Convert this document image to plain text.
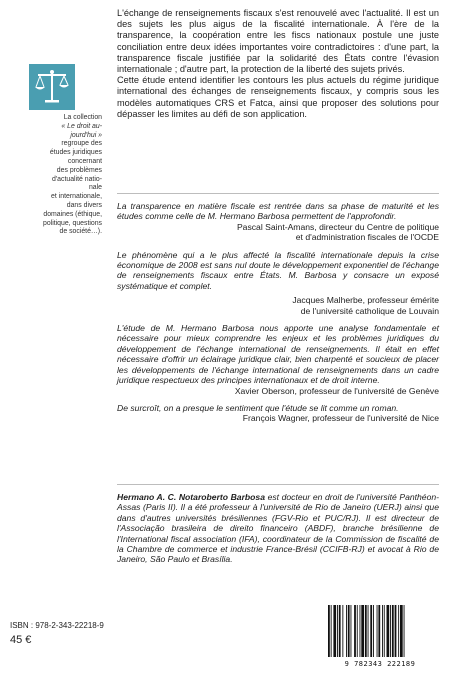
La collection
« Le droit au-
jourd'hui »
regroupe des
études juridiques
concernant
des problèmes
d'actualité natio-
nale
et internationale,
dans divers
domaines (éthique,
politique, questions
de société…).
ISBN : 978-2-343-22218-9
45 €

L'échange de renseignements fiscaux s'est renouvelé avec l'actualité. Il est un des sujets les plus aigus de la fiscalité internationale. À l'ère de la transparence, la coopération entre les fiscs nationaux postule une juste conciliation entre deux idées importantes voire contradictoires : d'une part, la transparence fiscale justifiée par la solidarité des États contre l'évasion internationale ; d'autre part, la protection de la liberté des sujets privés.

Cette étude entend identifier les contours les plus actuels du régime juridique international des échanges de renseignements fiscaux, y compris sous les modèles automatiques CRS et Fatca, ainsi que proposer des solutions pour dépasser les limites au défi de son application.

La transparence en matière fiscale est rentrée dans sa phase de maturité et les études comme celle de M. Hermano Barbosa permettent de l'approfondir.

Pascal Saint-Amans, directeur du Centre de politique

et d'administration fiscales de l'OCDE

Le phénomène qui a le plus affecté la fiscalité internationale depuis la crise économique de 2008 est sans nul doute le développement exponentiel de l'échange de renseignements fiscaux entre États. M. Barbosa y consacre un exposé systématique et complet.

Jacques Malherbe, professeur émérite

de l'université catholique de Louvain

L'étude de M. Hermano Barbosa nous apporte une analyse fondamentale et nécessaire pour mieux comprendre les enjeux et les problèmes juridiques du développement de l'échange international de renseignements. Il était en effet nécessaire d'offrir un éclairage juridique clair, bien charpenté et soucieux de placer les développements de l'échange international de renseignements dans un cadre juridique respectueux des principes internationaux et de droit interne.

Xavier Oberson, professeur de l'université de Genève

De surcroît, on a presque le sentiment que l'étude se lit comme un roman.

François Wagner, professeur de l'université de Nice

Hermano A. C. Notaroberto Barbosa est docteur en droit de l'université Panthéon-Assas (Paris II). Il a été professeur à l'université de Rio de Janeiro (UERJ) ainsi que dans d'autres universités brésiliennes (FGV-Rio et PUC/RJ). Il est directeur de l'Associação brasileira de direito financeiro (ABDF), branche brésilienne de l'International fiscal association (IFA), coordinateur de la Commission de fiscalité de la Chambre de commerce et industrie France-Brésil (CCIFB-RJ) et avocat à Rio de Janeiro, São Paulo et Brasília.

9 782343 222189
